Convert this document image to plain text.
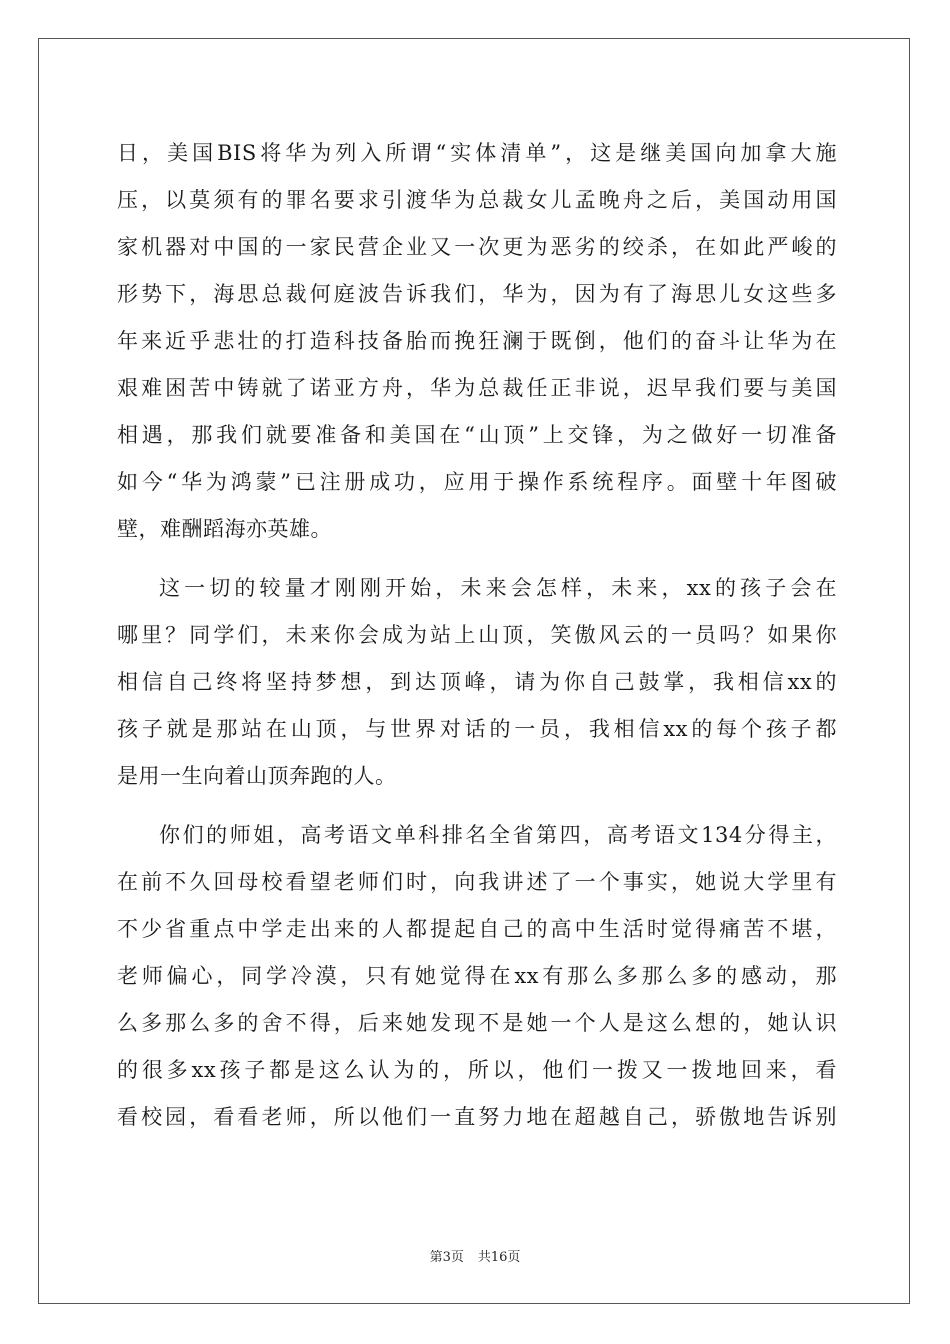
日，美国BIS将华为列入所谓“实体清单”，这是继美国向加拿大施
压，以莫须有的罪名要求引渡华为总裁女儿孟晚舟之后，美国动用国
家机器对中国的一家民营企业又一次更为恶劣的绞杀，在如此严峻的
形势下，海思总裁何庭波告诉我们，华为，因为有了海思儿女这些多
年来近乎悲壮的打造科技备胎而挽狂澜于既倒，他们的奋斗让华为在
艰难困苦中铸就了诺亚方舟，华为总裁任正非说，迟早我们要与美国
相遇，那我们就要准备和美国在“山顶”上交锋，为之做好一切准备
如今“华为鸿蒙”已注册成功，应用于操作系统程序。面壁十年图破
壁，难酬蹈海亦英雄。
这一切的较量才刚刚开始，未来会怎样，未来，xx的孩子会在
哪里？同学们，未来你会成为站上山顶，笑傲风云的一员吗？如果你
相信自己终将坚持梦想，到达顶峰，请为你自己鼓掌，我相信xx的
孩子就是那站在山顶，与世界对话的一员，我相信xx的每个孩子都
是用一生向着山顶奔跑的人。
你们的师姐，高考语文单科排名全省第四，高考语文134分得主，
在前不久回母校看望老师们时，向我讲述了一个事实，她说大学里有
不少省重点中学走出来的人都提起自己的高中生活时觉得痛苦不堪，
老师偏心，同学冷漠，只有她觉得在xx有那么多那么多的感动，那
么多那么多的舍不得，后来她发现不是她一个人是这么想的，她认识
的很多xx孩子都是这么认为的，所以，他们一拨又一拨地回来，看
看校园，看看老师，所以他们一直努力地在超越自己，骄傲地告诉别
第3页 共16页
